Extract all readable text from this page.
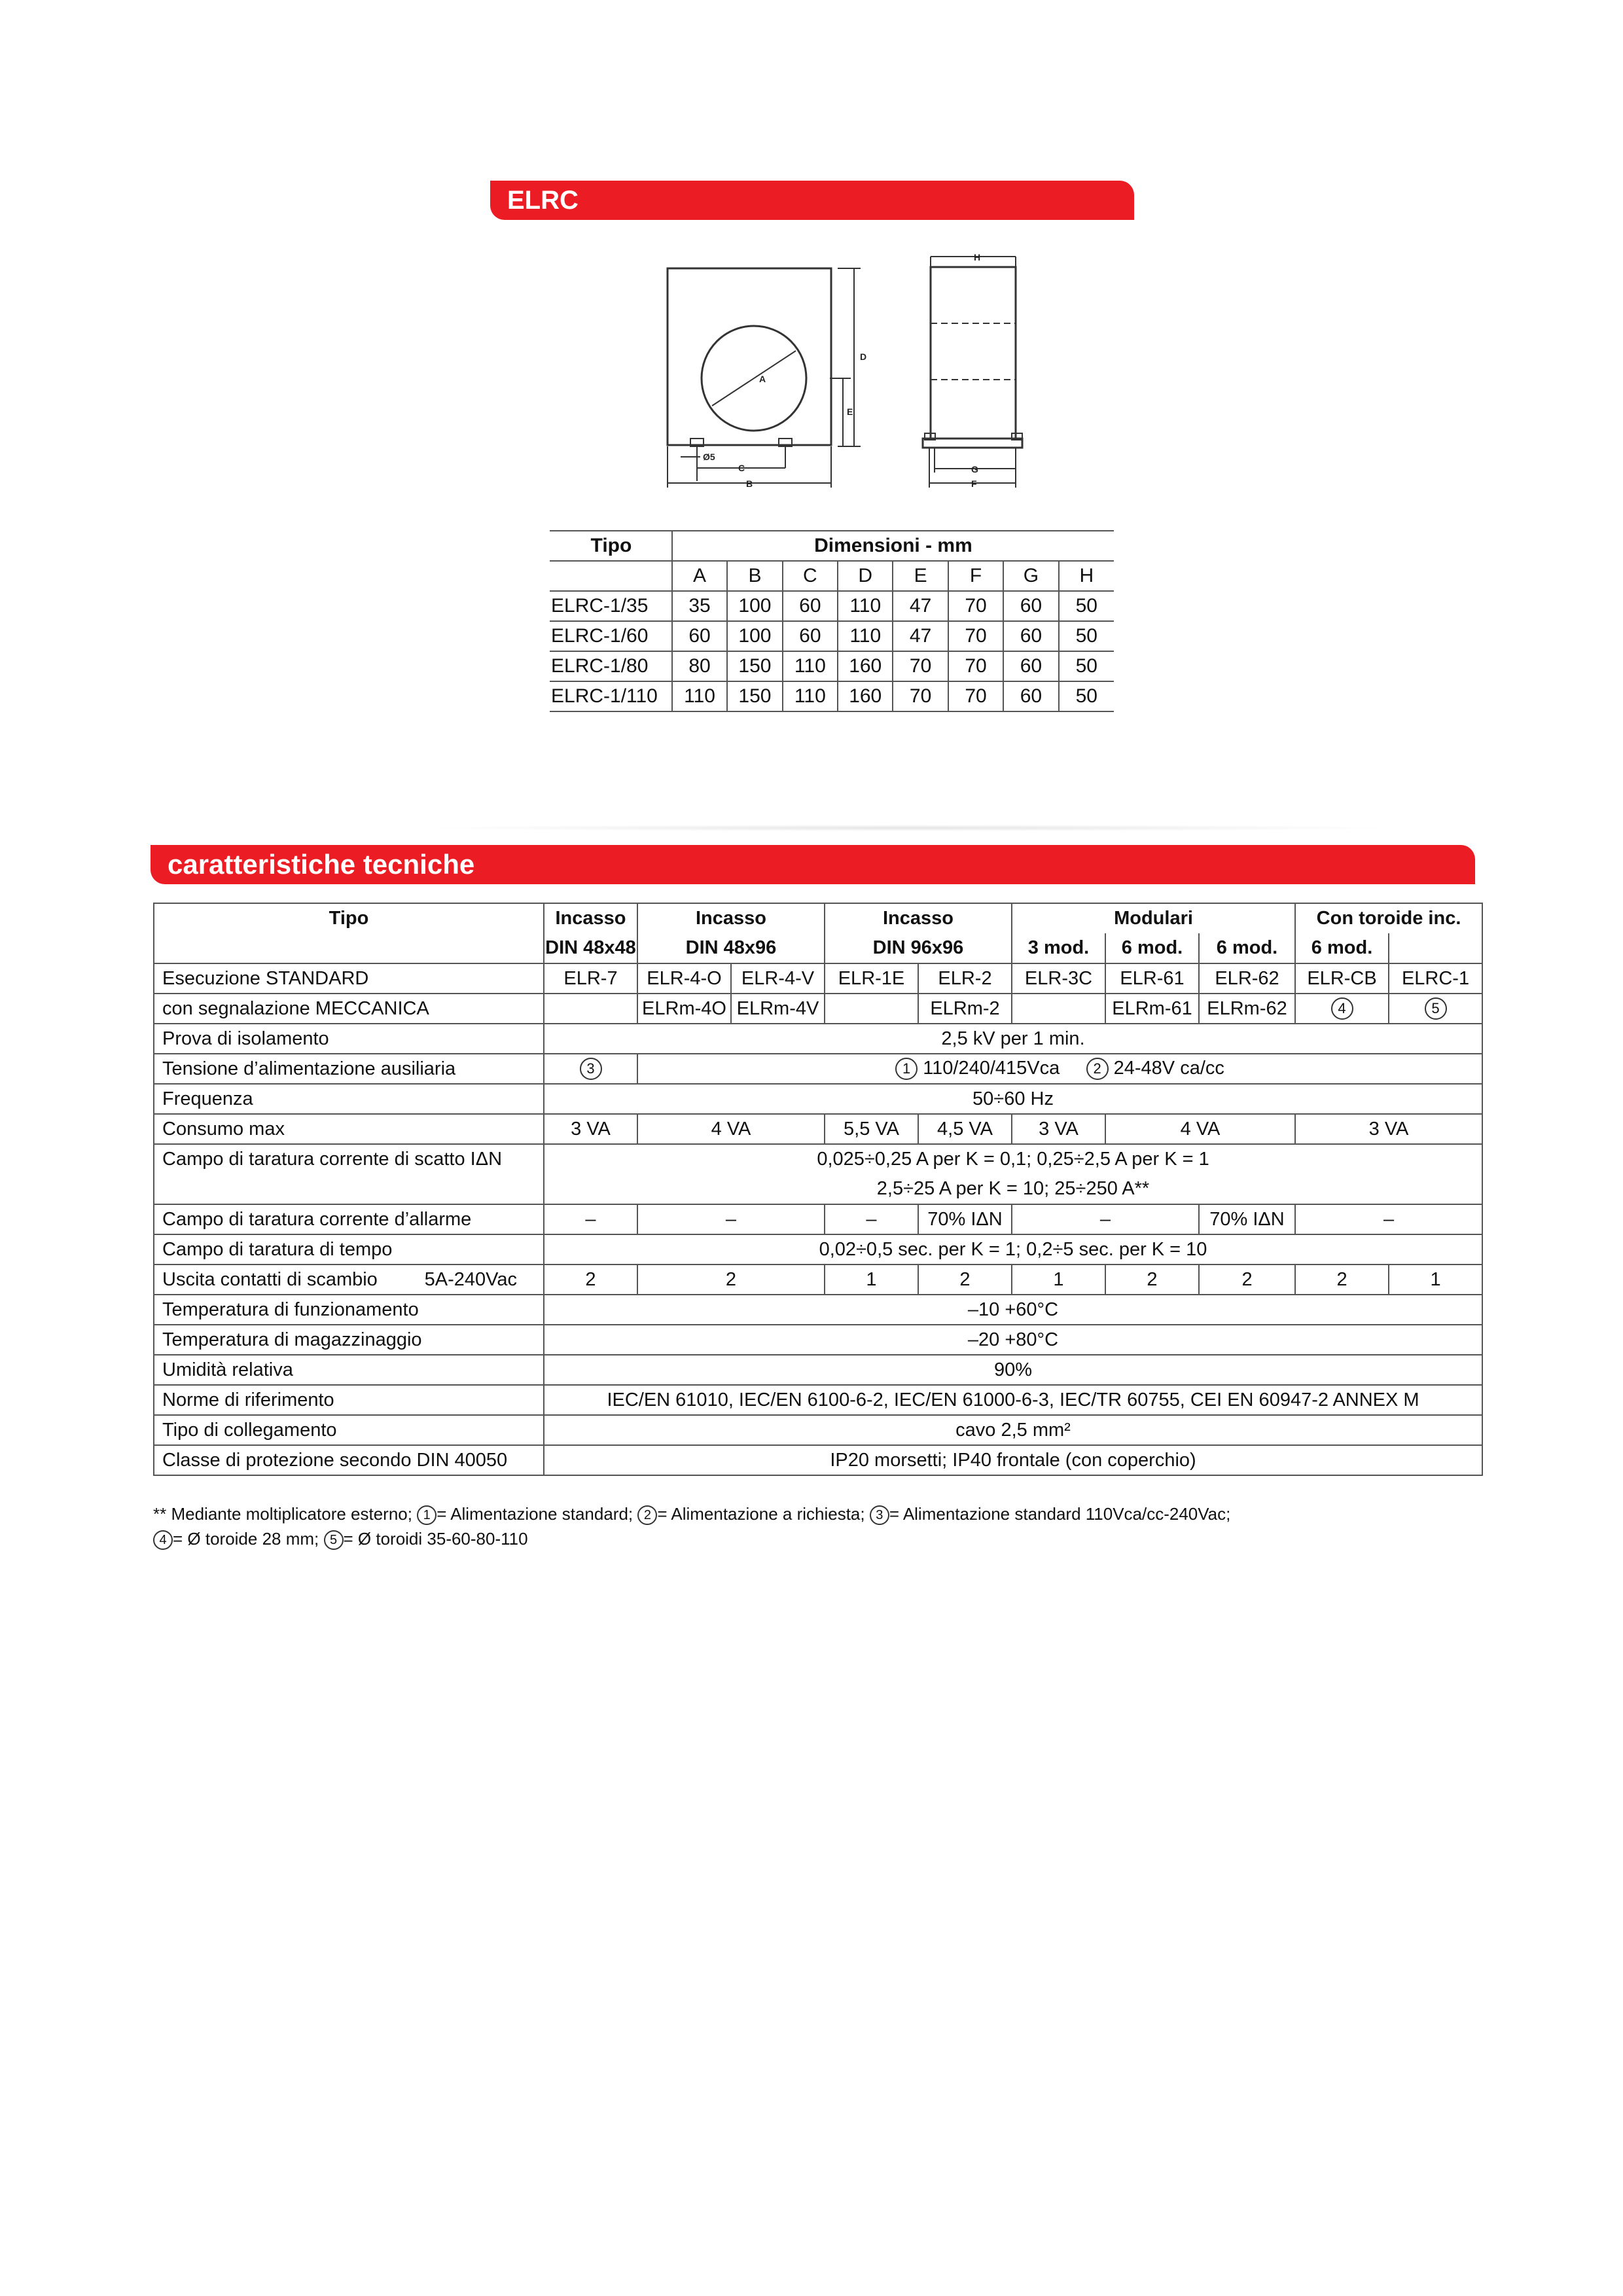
ELRC
H
D
E
C
B
A
Ø5
G
F
Tipo	Dimensioni - mm							
	A	B	C	D	E	F	G	H
ELRC-1/35	35	100	60	110	47	70	60	50
ELRC-1/60	60	100	60	110	47	70	60	50
ELRC-1/80	80	150	110	160	70	70	60	50
ELRC-1/110	110	150	110	160	70	70	60	50
caratteristiche tecniche
Tipo	Incasso	Incasso		Incasso		Modulari			Con toroide inc.	
	DIN 48x48	DIN 48x96		DIN 96x96		3 mod.	6 mod.	6 mod.	6 mod.	
Esecuzione STANDARD	ELR-7	ELR-4-O	ELR-4-V	ELR-1E	ELR-2	ELR-3C	ELR-61	ELR-62	ELR-CB	ELRC-1
con segnalazione MECCANICA		ELRm-4O	ELRm-4V		ELRm-2		ELRm-61	ELRm-62	4	5
Prova di isolamento	2,5 kV per 1 min.									
Tensione d’alimentazione ausiliaria	3	1 110/240/415Vca 2 24-48V ca/cc								
Frequenza	50÷60 Hz									
Consumo max	3 VA	4 VA		5,5 VA	4,5 VA	3 VA	4 VA		3 VA	
Campo di taratura corrente di scatto IΔN	0,025÷0,25 A per K = 0,1; 0,25÷2,5 A per K = 1									
	2,5÷25 A per K = 10; 25÷250 A**									
Campo di taratura corrente d’allarme	–	–		–	70% IΔN	–		70% IΔN	–	
Campo di taratura di tempo	0,02÷0,5 sec. per K = 1; 0,2÷5 sec. per K = 10									

Uscita contatti di scambio 5A-240Vac	2	2		1	2	1	2	2	2	1
Temperatura di funzionamento	–10 +60°C									
Temperatura di magazzinaggio	–20 +80°C									
Umidità relativa	90%									
Norme di riferimento	IEC/EN 61010, IEC/EN 6100-6-2, IEC/EN 61000-6-3, IEC/TR 60755, CEI EN 60947-2 ANNEX M									
Tipo di collegamento	cavo 2,5 mm²									
Classe di protezione secondo DIN 40050	IP20 morsetti; IP40 frontale (con coperchio)									

** Mediante moltiplicatore esterno; 1 = Alimentazione standard; 2 = Alimentazione a richiesta; 3 = Alimentazione standard 110Vca/cc-240Vac;

4 = Ø toroide 28 mm; 5 = Ø toroidi 35-60-80-110
